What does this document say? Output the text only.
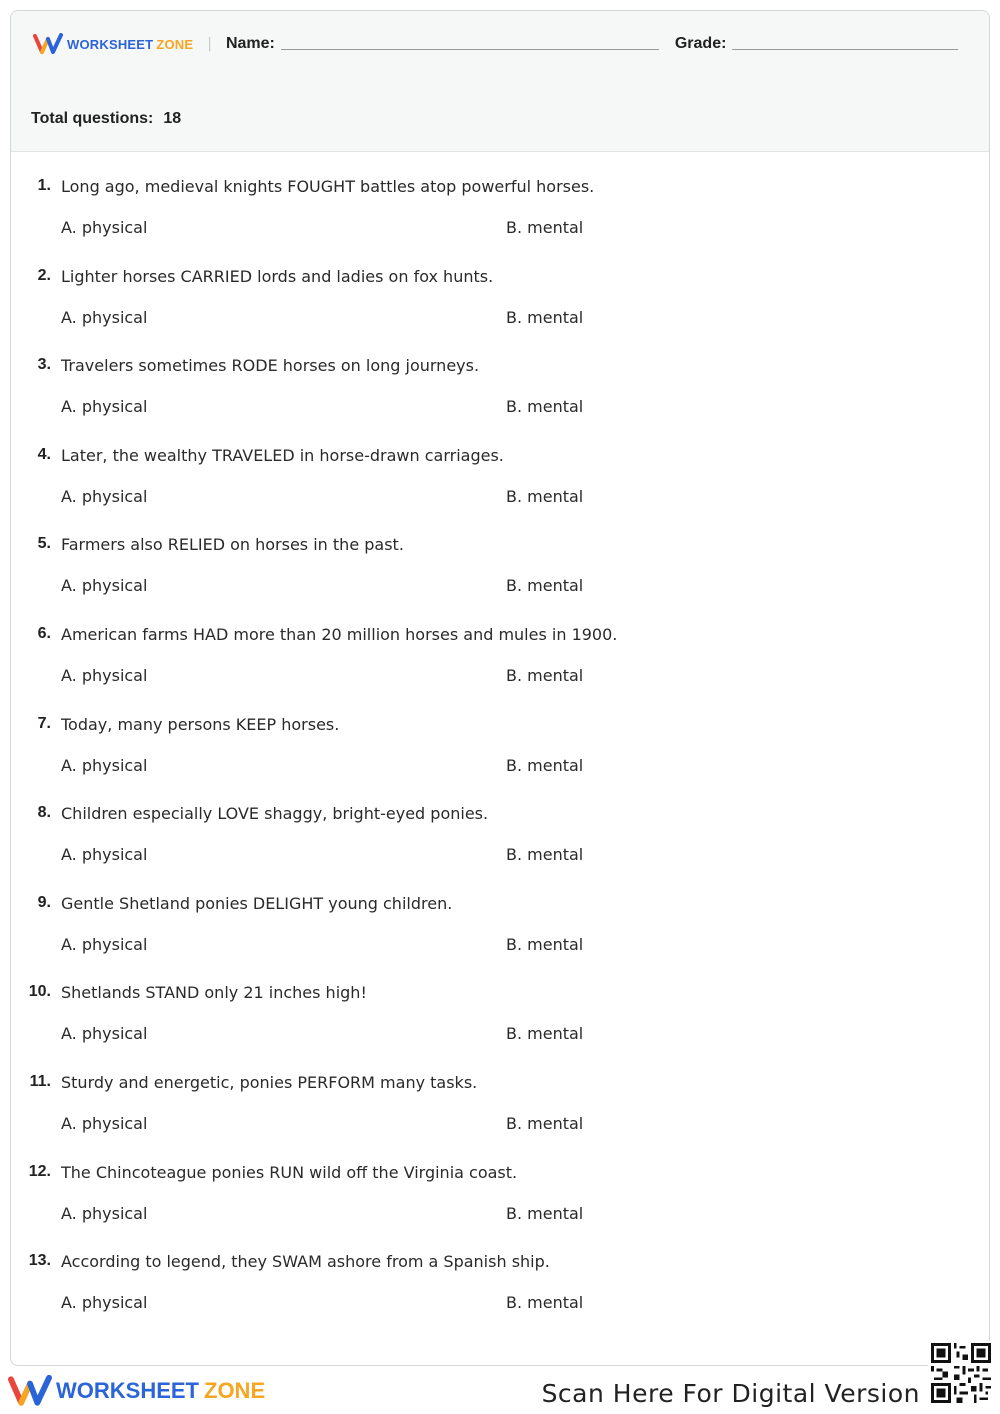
WORKSHEET ZONE | Name:	Grade:
Total questions: 18
1. Long ago, medieval knights FOUGHT battles atop powerful horses.
A. physical	B. mental
2. Lighter horses CARRIED lords and ladies on fox hunts.
A. physical	B. mental
3. Travelers sometimes RODE horses on long journeys.
A. physical	B. mental
4. Later, the wealthy TRAVELED in horse-drawn carriages.
A. physical	B. mental
5. Farmers also RELIED on horses in the past.
A. physical	B. mental
6. American farms HAD more than 20 million horses and mules in 1900.
A. physical	B. mental
7. Today, many persons KEEP horses.
A. physical	B. mental
8. Children especially LOVE shaggy, bright-eyed ponies.
A. physical	B. mental
9. Gentle Shetland ponies DELIGHT young children.
A. physical	B. mental
10. Shetlands STAND only 21 inches high!
A. physical	B. mental
11. Sturdy and energetic, ponies PERFORM many tasks.
A. physical	B. mental
12. The Chincoteague ponies RUN wild off the Virginia coast.
A. physical	B. mental
13. According to legend, they SWAM ashore from a Spanish ship.
A. physical	B. mental
WORKSHEET ZONE	Scan Here For Digital Version
